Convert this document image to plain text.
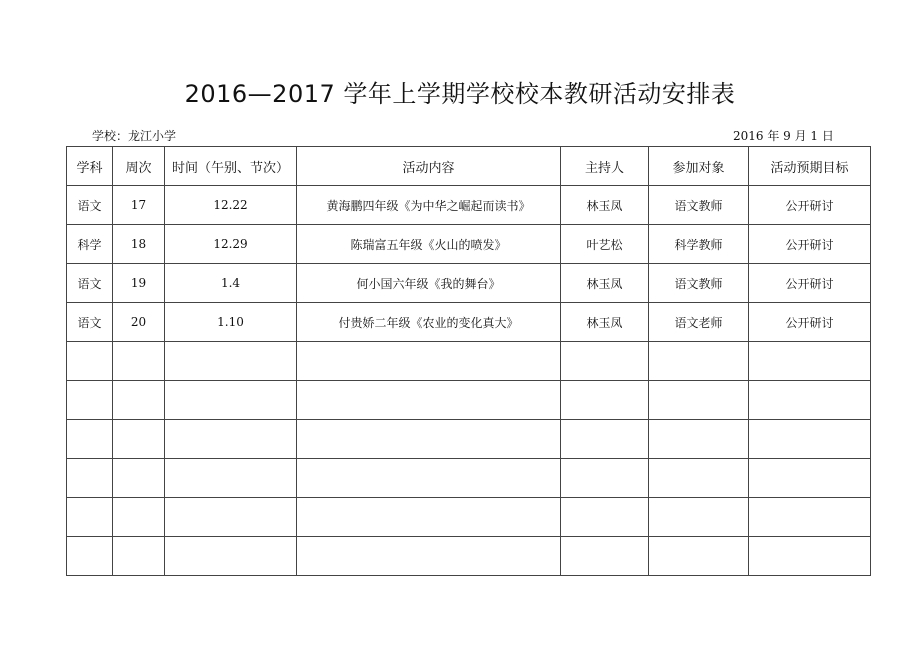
2016—2017 学年上学期学校校本教研活动安排表
学校：龙江小学	2016 年 9 月 1 日
学科	周次	时间（午别、节次）	活动内容	主持人	参加对象	活动预期目标
语文	17	12.22	黄海鹏四年级《为中华之崛起而读书》	林玉凤	语文教师	公开研讨
科学	18	12.29	陈瑞富五年级《火山的喷发》	叶艺松	科学教师	公开研讨
语文	19	1.4	何小国六年级《我的舞台》	林玉凤	语文教师	公开研讨
语文	20	1.10	付贵娇二年级《农业的变化真大》	林玉凤	语文老师	公开研讨
